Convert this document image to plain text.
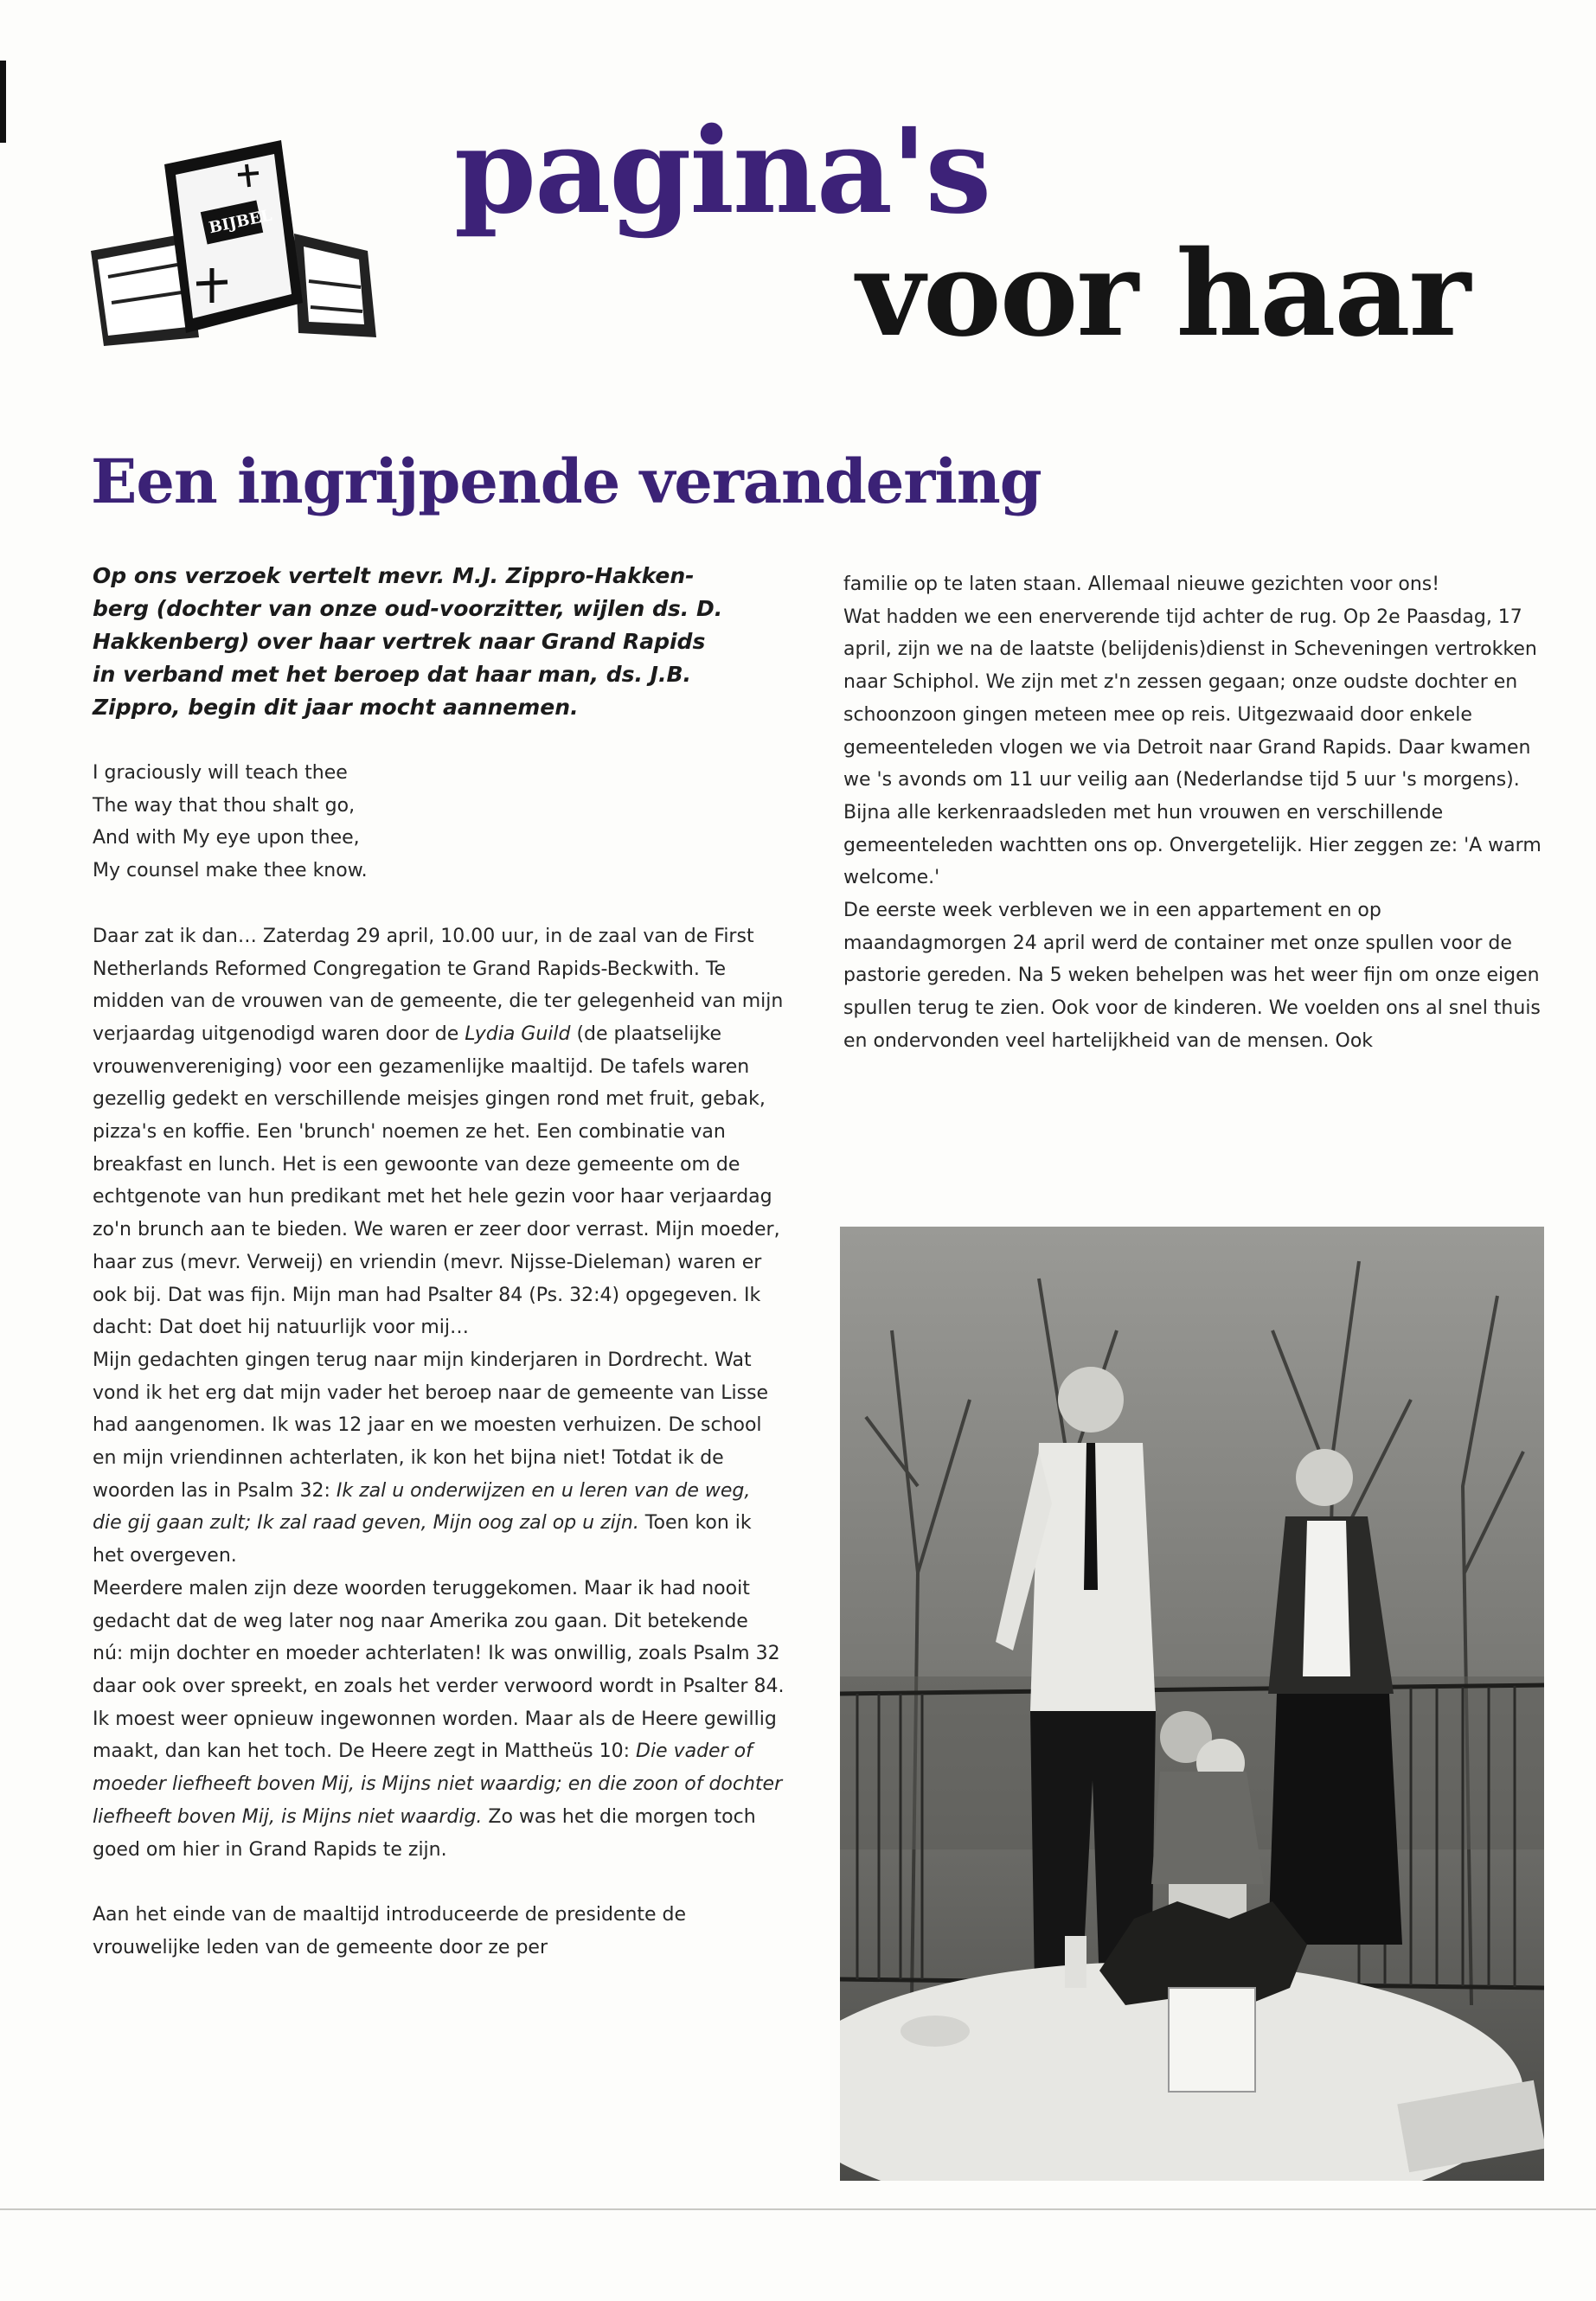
BIJBEL pagina's
voor haar
Een ingrijpende verandering

Op ons verzoek vertelt mevr. M.J. Zippro-Hakken-

berg (dochter van onze oud-voorzitter, wijlen ds. D.

Hakkenberg) over haar vertrek naar Grand Rapids

in verband met het beroep dat haar man, ds. J.B.

Zippro, begin dit jaar mocht aannemen.

I graciously will teach thee

The way that thou shalt go,

And with My eye upon thee,

My counsel make thee know.

Daar zat ik dan… Zaterdag 29 april, 10.00 uur, in de zaal van de First Netherlands Reformed Congregation te Grand Rapids-Beckwith. Te midden van de vrouwen van de gemeente, die ter gelegenheid van mijn verjaardag uitgenodigd waren door de Lydia Guild (de plaatselijke vrouwenvereniging) voor een gezamenlijke maaltijd. De tafels waren gezellig gedekt en verschillende meisjes gingen rond met fruit, gebak, pizza's en koffie. Een 'brunch' noemen ze het. Een combinatie van breakfast en lunch. Het is een gewoonte van deze gemeente om de echtgenote van hun predikant met het hele gezin voor haar verjaardag zo'n brunch aan te bieden. We waren er zeer door verrast. Mijn moeder, haar zus (mevr. Verweij) en vriendin (mevr. Nijsse-Dieleman) waren er ook bij. Dat was fijn. Mijn man had Psalter 84 (Ps. 32:4) opgegeven. Ik dacht: Dat doet hij natuurlijk voor mij…

Mijn gedachten gingen terug naar mijn kinderjaren in Dordrecht. Wat vond ik het erg dat mijn vader het beroep naar de gemeente van Lisse had aangenomen. Ik was 12 jaar en we moesten verhuizen. De school en mijn vriendinnen achterlaten, ik kon het bijna niet! Totdat ik de woorden las in Psalm 32: Ik zal u onderwijzen en u leren van de weg, die gij gaan zult; Ik zal raad geven, Mijn oog zal op u zijn. Toen kon ik het overgeven.

Meerdere malen zijn deze woorden teruggekomen. Maar ik had nooit gedacht dat de weg later nog naar Amerika zou gaan. Dit betekende nú: mijn dochter en moeder achterlaten! Ik was onwillig, zoals Psalm 32 daar ook over spreekt, en zoals het verder verwoord wordt in Psalter 84. Ik moest weer opnieuw ingewonnen worden. Maar als de Heere gewillig maakt, dan kan het toch. De Heere zegt in Mattheüs 10: Die vader of moeder liefheeft boven Mij, is Mijns niet waardig; en die zoon of dochter liefheeft boven Mij, is Mijns niet waardig. Zo was het die morgen toch goed om hier in Grand Rapids te zijn.

Aan het einde van de maaltijd introduceerde de presidente de vrouwelijke leden van de gemeente door ze per

familie op te laten staan. Allemaal nieuwe gezichten voor ons!

Wat hadden we een enerverende tijd achter de rug. Op 2e Paasdag, 17 april, zijn we na de laatste (belijdenis)dienst in Scheveningen vertrokken naar Schiphol. We zijn met z'n zessen gegaan; onze oudste dochter en schoonzoon gingen meteen mee op reis. Uitgezwaaid door enkele gemeenteleden vlogen we via Detroit naar Grand Rapids. Daar kwamen we 's avonds om 11 uur veilig aan (Nederlandse tijd 5 uur 's morgens). Bijna alle kerkenraadsleden met hun vrouwen en verschillende gemeenteleden wachtten ons op. Onvergetelijk. Hier zeggen ze: 'A warm welcome.'

De eerste week verbleven we in een appartement en op maandagmorgen 24 april werd de container met onze spullen voor de pastorie gereden. Na 5 weken behelpen was het weer fijn om onze eigen spullen terug te zien. Ook voor de kinderen. We voelden ons al snel thuis en ondervonden veel hartelijkheid van de mensen. Ook
